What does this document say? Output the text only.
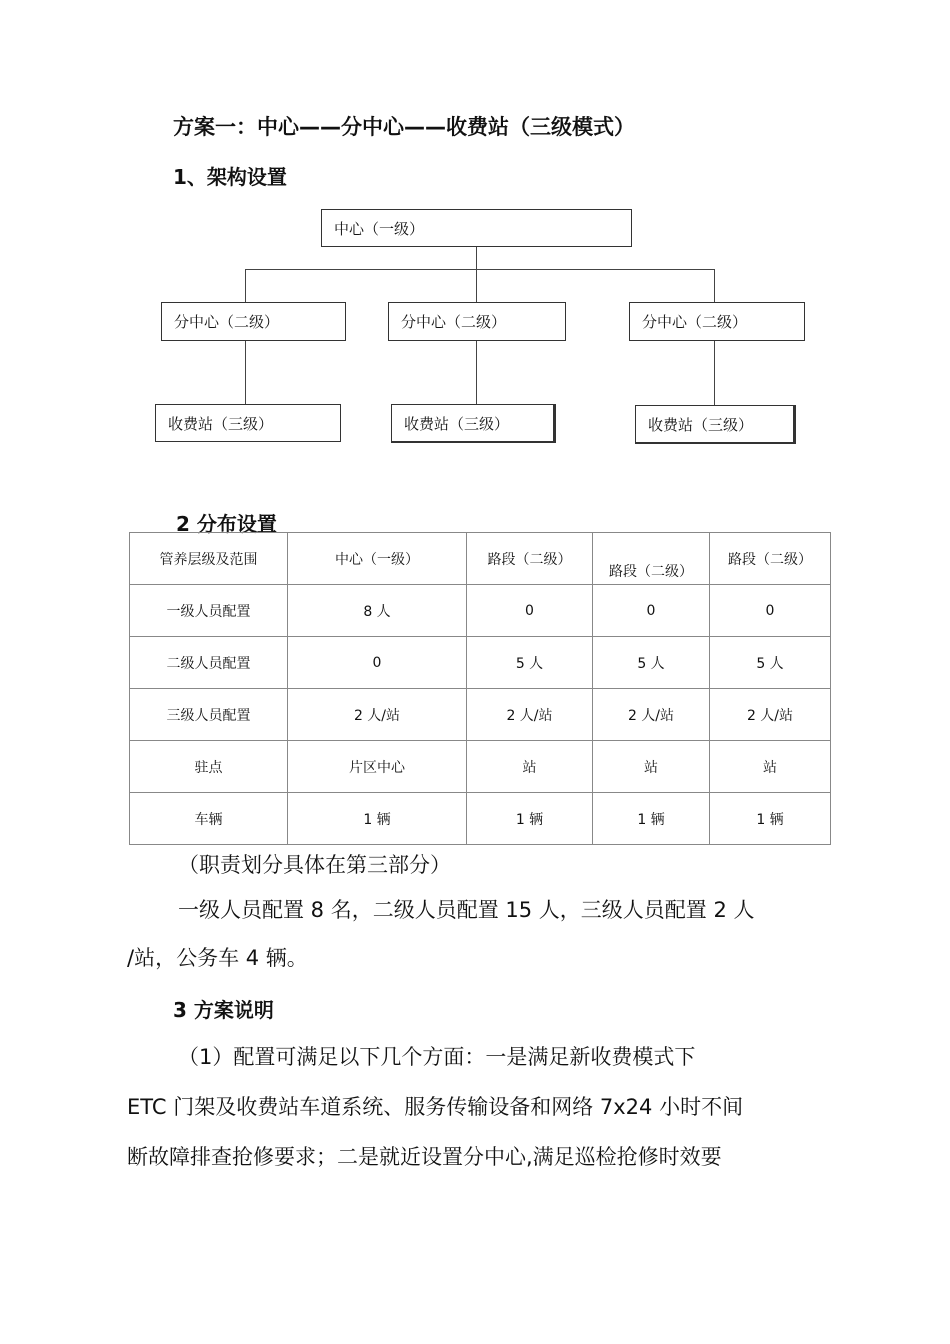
方案一：中心——分中心——收费站（三级模式）
1、架构设置
中心（一级）
分中心（二级）	分中心（二级）	分中心（二级）
收费站（三级）	收费站（三级）	收费站（三级）
2 分布设置
管养层级及范围	中心（一级）	路段（二级）	路段（二级）	路段（二级）
一级人员配置	8 人	0	0	0
二级人员配置	0	5 人	5 人	5 人
三级人员配置	2 人/站	2 人/站	2 人/站	2 人/站
驻点	片区中心	站	站	站
车辆	1 辆	1 辆	1 辆	1 辆
（职责划分具体在第三部分）
一级人员配置 8 名，二级人员配置 15 人，三级人员配置 2 人
/站，公务车 4 辆。
3 方案说明
（1）配置可满足以下几个方面：一是满足新收费模式下
ETC 门架及收费站车道系统、服务传输设备和网络 7x24 小时不间
断故障排查抢修要求；二是就近设置分中心,满足巡检抢修时效要
